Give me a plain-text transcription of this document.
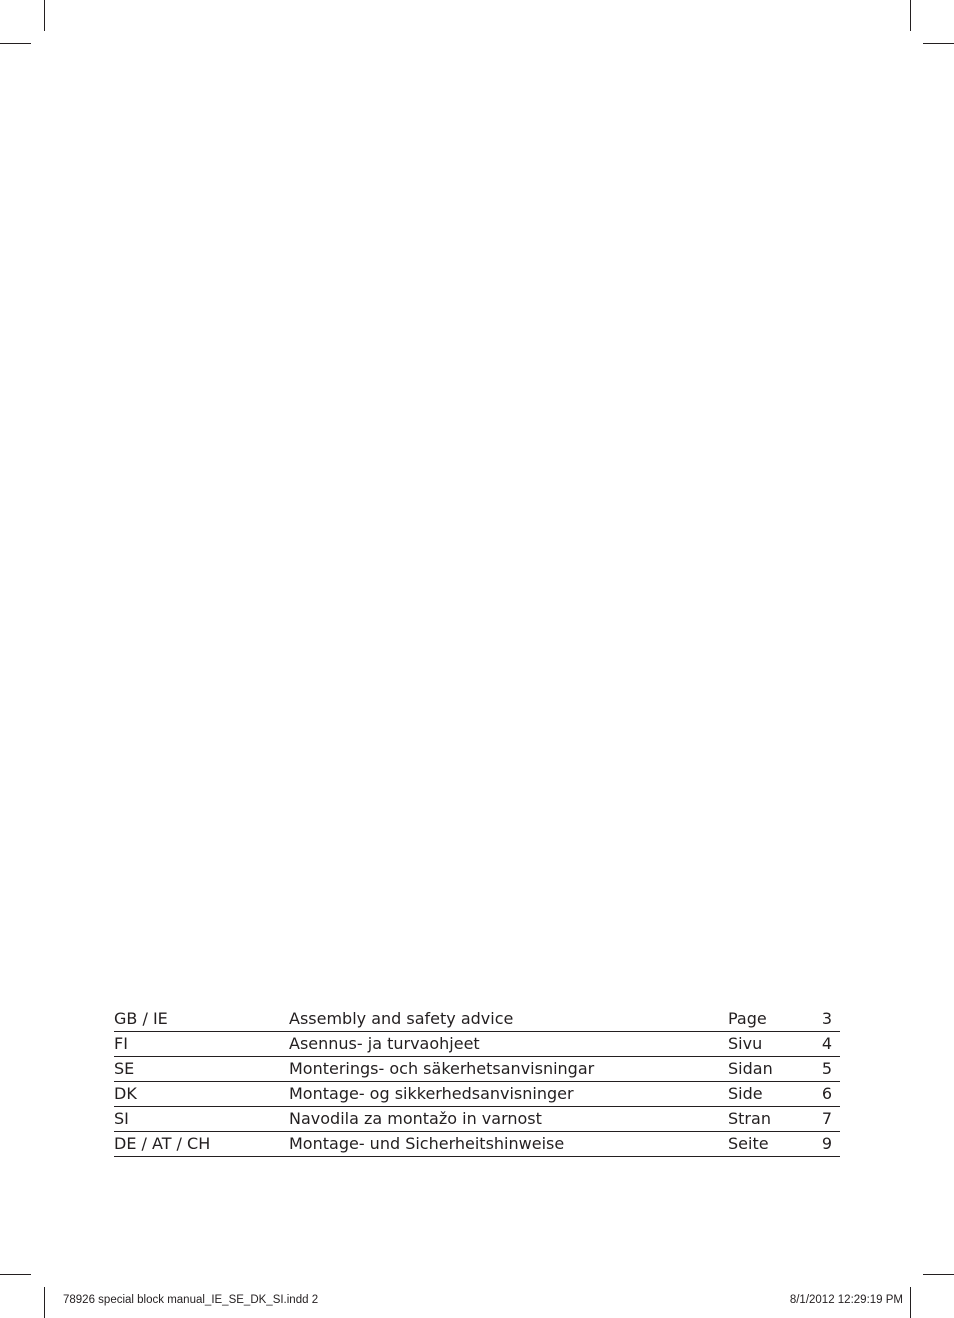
GB / IE	Assembly and safety advice	Page	3
FI	Asennus- ja turvaohjeet	Sivu	4
SE	Monterings- och säkerhetsanvisningar	Sidan	5
DK	Montage- og sikkerhedsanvisninger	Side	6
SI	Navodila za montažo in varnost	Stran	7
DE / AT / CH	Montage- und Sicherheitshinweise	Seite	9
78926 special block manual_IE_SE_DK_SI.indd 2	8/1/2012 12:29:19 PM
